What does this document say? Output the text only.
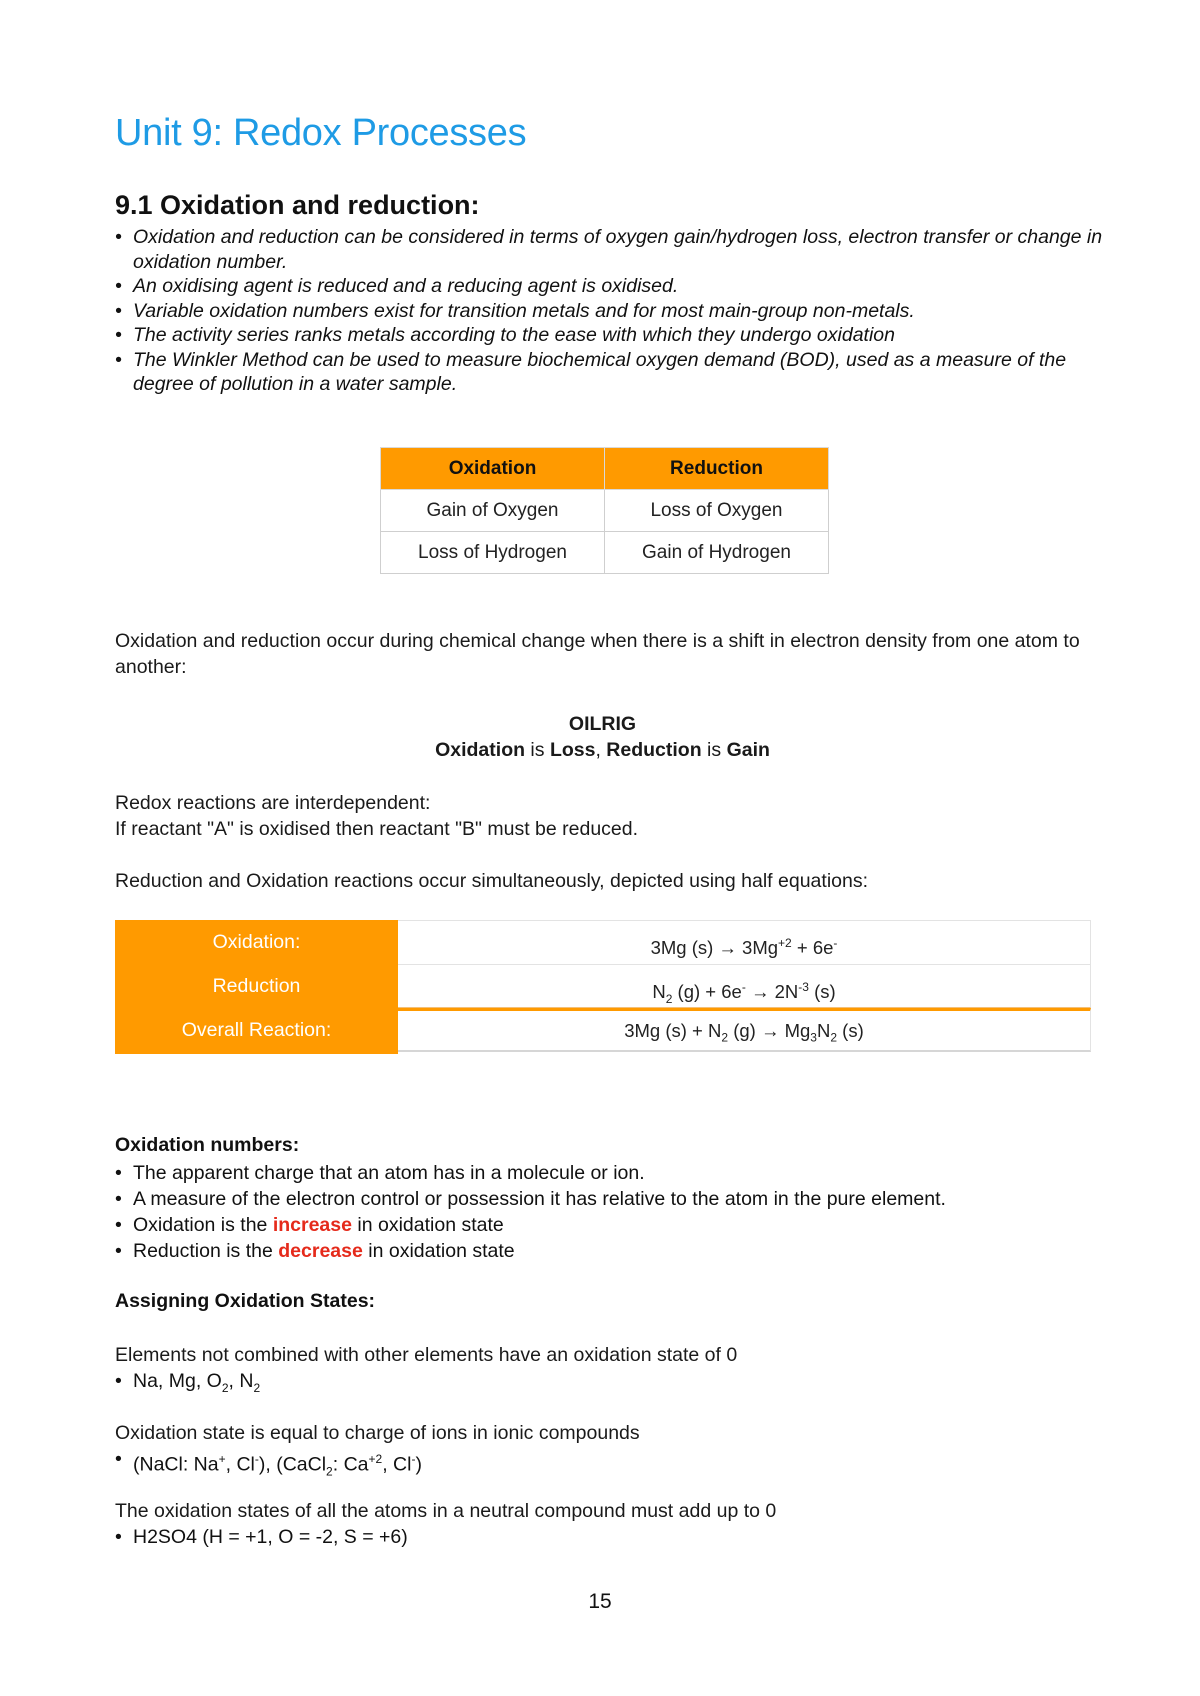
Unit 9: Redox Processes
9.1 Oxidation and reduction:
• Oxidation and reduction can be considered in terms of oxygen gain/hydrogen loss, electron transfer or change in oxidation number.
• An oxidising agent is reduced and a reducing agent is oxidised.
• Variable oxidation numbers exist for transition metals and for most main-group non-metals.
• The activity series ranks metals according to the ease with which they undergo oxidation
• The Winkler Method can be used to measure biochemical oxygen demand (BOD), used as a measure of the degree of pollution in a water sample.
Oxidation	Reduction
Gain of Oxygen	Loss of Oxygen
Loss of Hydrogen	Gain of Hydrogen

Oxidation and reduction occur during chemical change when there is a shift in electron density from one atom to another:

OILRIG

Oxidation is Loss, Reduction is Gain

Redox reactions are interdependent:

If reactant "A" is oxidised then reactant "B" must be reduced.

Reduction and Oxidation reactions occur simultaneously, depicted using half equations:

Oxidation:	3Mg $(s) \to 3Mg^{+2} + 6e^-$
Reduction	$N_2$ $(g) + 6e^- \to 2N^{-3}$ (s)
Overall Reaction:	3Mg $(s) + N_2$ $(g) \to Mg_3N_2$ (s)

Oxidation numbers:

• The apparent charge that an atom has in a molecule or ion.
• A measure of the electron control or possession it has relative to the atom in the pure element.
• Oxidation is the increase in oxidation state
• Reduction is the decrease in oxidation state

Assigning Oxidation States:

Elements not combined with other elements have an oxidation state of 0

• Na, Mg, $O_2$, $N_2$

Oxidation state is equal to charge of ions in ionic compounds

• (NaCl: Na+, Cl-), (CaCl$_2$: $Ca^{+2}$, Cl-)

The oxidation states of all the atoms in a neutral compound must add up to 0

• H2SO4 (H = +1, O = -2, S = +6)
15
